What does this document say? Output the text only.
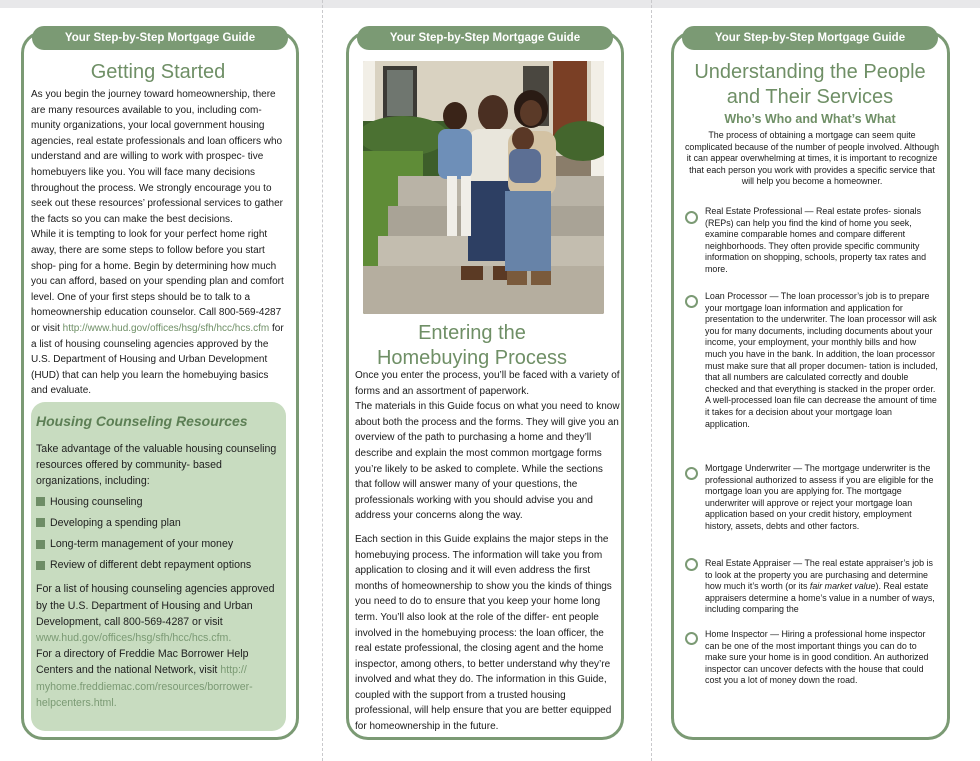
Your Step-by-Step Mortgage Guide
Getting Started

As you begin the journey toward homeownership, there are many resources available to you, including com- munity organizations, your local government housing agencies, real estate professionals and loan officers who understand and are willing to work with prospec- tive homebuyers like you. You will face many decisions throughout the process. We strongly encourage you to seek out these resources’ professional services to gather the facts so you can make the best decisions.

While it is tempting to look for your perfect home right away, there are some steps to follow before you start shop- ping for a home. Begin by determining how much you can afford, based on your spending plan and comfort level. One of your first steps should be to talk to a homeownership education counselor. Call 800-569-4287 or visit http://www.hud.gov/offices/hsg/sfh/hcc/hcs.cfm for a list of housing counseling agencies approved by the U.S. Department of Housing and Urban Development (HUD) that can help you learn the homebuying basics and evaluate.

Housing Counseling Resources

Take advantage of the valuable housing counseling resources offered by community- based organizations, including:

Housing counseling
Developing a spending plan
Long-term management of your money
Review of different debt repayment options

For a list of housing counseling agencies approved by the U.S. Department of Housing and Urban Development, call 800-569-4287 or visit www.hud.gov/offices/hsg/sfh/hcc/hcs.cfm.

For a directory of Freddie Mac Borrower Help Centers and the national Network, visit http:// myhome.freddiemac.com/resources/borrower-helpcenters.html.

Your Step-by-Step Mortgage Guide
Entering the
Homebuying Process

Once you enter the process, you’ll be faced with a variety of forms and an assortment of paperwork.

The materials in this Guide focus on what you need to know about both the process and the forms. They will give you an overview of the path to purchasing a home and they’ll describe and explain the most common mortgage forms you’re likely to be asked to complete. While the sections that follow will answer many of your questions, the professionals working with you should advise you and address your concerns along the way.

Each section in this Guide explains the major steps in the homebuying process. The information will take you from application to closing and it will even address the first months of homeownership to show you the kinds of things you need to do to ensure that you keep your home long term. You’ll also look at the role of the differ- ent people involved in the homebuying process: the loan officer, the real estate professional, the closing agent and the home inspector, among others, to better understand why they’re involved and what they do. The information in this Guide, coupled with the support from a trusted housing professional, will help ensure that you are better equipped for homeownership in the future.

Your Step-by-Step Mortgage Guide
Understanding the People
and Their Services
Who’s Who and What’s What
The process of obtaining a mortgage can seem quite complicated because of the number of people involved. Although it can appear overwhelming at times, it is important to recognize that each person you work with provides a specific service that will help you become a homeowner.
Real Estate Professional — Real estate profes- sionals (REPs) can help you find the kind of home you seek, examine comparable homes and compare different neighborhoods. They often provide specific community information on shopping, schools, property tax rates and more.
Loan Processor — The loan processor’s job is to prepare your mortgage loan information and application for presentation to the underwriter. The loan processor will ask you for many documents, including documents about your income, your employment, your monthly bills and how much you have in the bank. In addition, the loan processor must make sure that all proper documen- tation is included, that all numbers are calculated correctly and double checked and that everything is stacked in the proper order. A well-processed loan file can decrease the amount of time it takes for a decision about your mortgage loan application.
Mortgage Underwriter — The mortgage underwriter is the professional authorized to assess if you are eligible for the mortgage loan you are applying for. The mortgage underwriter will approve or reject your mortgage loan application based on your credit history, employment history, assets, debts and other factors.
Real Estate Appraiser — The real estate appraiser’s job is to look at the property you are purchasing and determine how much it’s worth (or its fair market value). Real estate appraisers determine a home’s value in a number of ways, including comparing the
Home Inspector — Hiring a professional home inspector can be one of the most important things you can do to make sure your home is in good condition. An authorized inspector can uncover defects with the house that could cost you a lot of money down the road.
